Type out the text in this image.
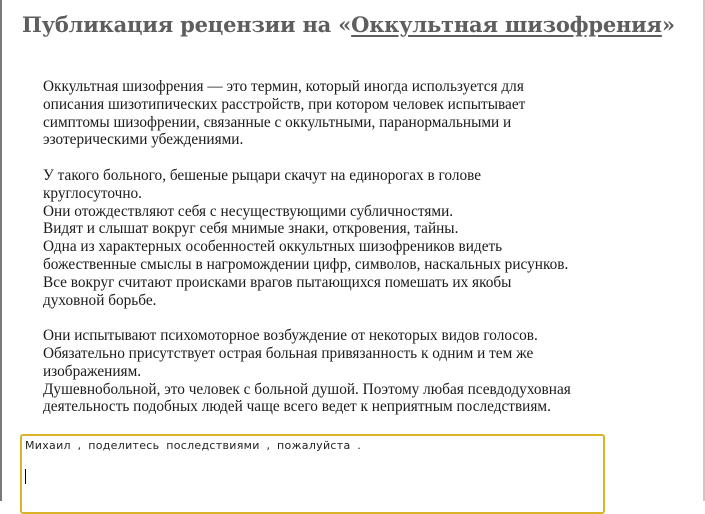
Публикация рецензии на «Оккультная шизофрения»

Оккультная шизофрения — это термин, который иногда используется для

описания шизотипических расстройств, при котором человек испытывает

симптомы шизофрении, связанные с оккультными, паранормальными и

эзотерическими убеждениями.

У такого больного, бешеные рыцари скачут на единорогах в голове

круглосуточно.

Они отождествляют себя с несуществующими субличностями.

Видят и слышат вокруг себя мнимые знаки, откровения, тайны.

Одна из характерных особенностей оккультных шизофреников видеть

божественные смыслы в нагромождении цифр, символов, наскальных рисунков.

Все вокруг считают происками врагов пытающихся помешать их якобы

духовной борьбе.

Они испытывают психомоторное возбуждение от некоторых видов голосов.

Обязательно присутствует острая больная привязанность к одним и тем же

изображениям.

Душевнобольной, это человек с больной душой. Поэтому любая псевдодуховная

деятельность подобных людей чаще всего ведет к неприятным последствиям.

Михаил , поделитесь последствиями , пожалуйста .
